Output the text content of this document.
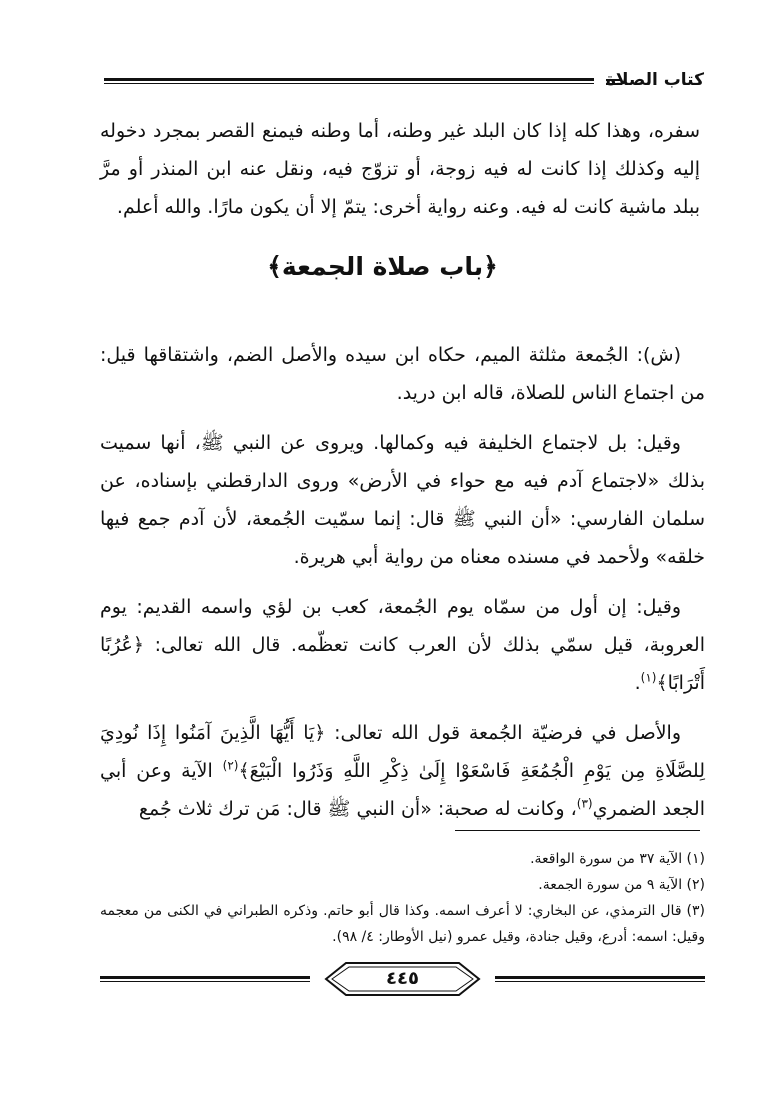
كتاب الصلاة
سفره، وهذا كله إذا كان البلد غير وطنه، أما وطنه فيمنع القصر بمجرد دخوله إليه وكذلك إذا كانت له فيه زوجة، أو تزوّج فيه، ونقل عنه ابن المنذر أو مرَّ ببلد ماشية كانت له فيه. وعنه رواية أخرى: يتمّ إلا أن يكون مارًا. والله أعلم.
﴿باب صلاة الجمعة﴾

(ش): الجُمعة مثلثة الميم، حكاه ابن سيده والأصل الضم، واشتقاقها قيل: من اجتماع الناس للصلاة، قاله ابن دريد.

وقيل: بل لاجتماع الخليفة فيه وكمالها. ويروى عن النبي ﷺ، أنها سميت بذلك «لاجتماع آدم فيه مع حواء في الأرض» وروى الدارقطني بإسناده، عن سلمان الفارسي: «أن النبي ﷺ قال: إنما سمّيت الجُمعة، لأن آدم جمع فيها خلقه» ولأحمد في مسنده معناه من رواية أبي هريرة.

وقيل: إن أول من سمّاه يوم الجُمعة، كعب بن لؤي واسمه القديم: يوم العروبة، قيل سمّي بذلك لأن العرب كانت تعظّمه. قال الله تعالى: ﴿عُرُبًا أَتْرَابًا﴾$^{(١)}$.

والأصل في فرضيّة الجُمعة قول الله تعالى: ﴿يَا أَيُّهَا الَّذِينَ آمَنُوا إِذَا نُودِيَ لِلصَّلَاةِ مِن يَوْمِ الْجُمُعَةِ فَاسْعَوْا إِلَىٰ ذِكْرِ اللَّهِ وَذَرُوا الْبَيْعَ﴾$^{(٢)}$ الآية وعن أبي الجعد الضمري$^{(٣)}$، وكانت له صحبة: «أن النبي ﷺ قال: مَن ترك ثلاث جُمع

(١) الآية ٣٧ من سورة الواقعة.

(٢) الآية ٩ من سورة الجمعة.

(٣) قال الترمذي، عن البخاري: لا أعرف اسمه. وكذا قال أبو حاتم. وذكره الطبراني في الكنى من معجمه وقيل: اسمه: أدرع، وقيل جنادة، وقيل عمرو (نيل الأوطار: ٤/ ٩٨).

٤٤٥
